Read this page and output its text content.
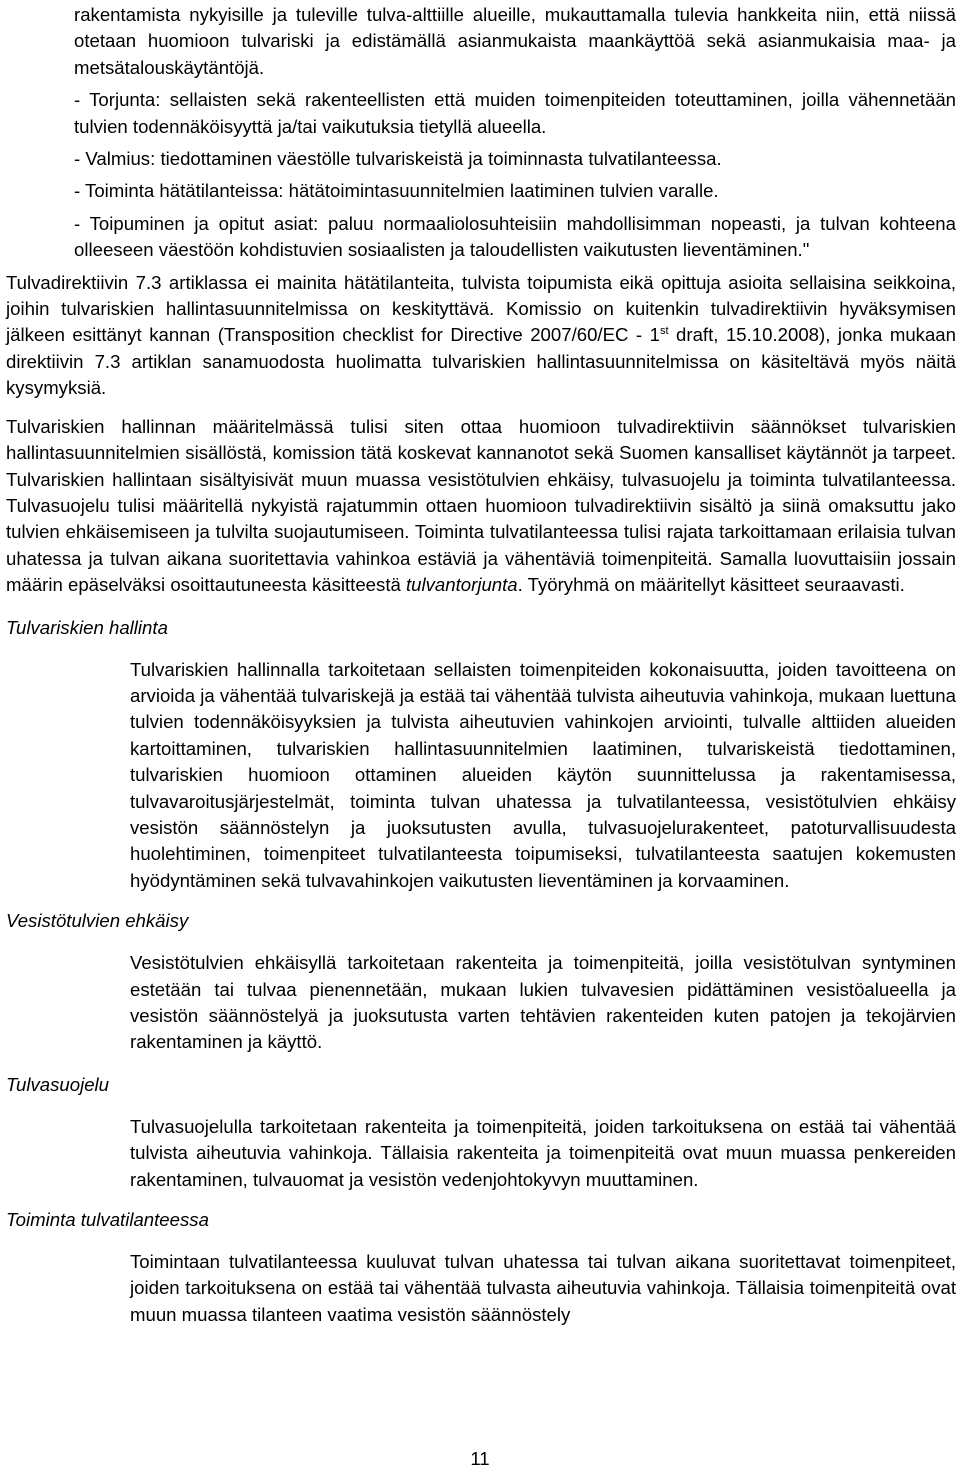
rakentamista nykyisille ja tuleville tulva-alttiille alueille, mukauttamalla tulevia hankkeita niin, että niissä otetaan huomioon tulvariski ja edistämällä asianmukaista maankäyttöä sekä asianmukaisia maa- ja metsätalouskäytäntöjä.

- Torjunta: sellaisten sekä rakenteellisten että muiden toimenpiteiden toteuttaminen, joilla vähennetään tulvien todennäköisyyttä ja/tai vaikutuksia tietyllä alueella.

- Valmius: tiedottaminen väestölle tulvariskeistä ja toiminnasta tulvatilanteessa.

- Toiminta hätätilanteissa: hätätoimintasuunnitelmien laatiminen tulvien varalle.

- Toipuminen ja opitut asiat: paluu normaaliolosuhteisiin mahdollisimman nopeasti, ja tulvan kohteena olleeseen väestöön kohdistuvien sosiaalisten ja taloudellisten vaikutusten lieventäminen."

Tulvadirektiivin 7.3 artiklassa ei mainita hätätilanteita, tulvista toipumista eikä opittuja asioita sellaisina seikkoina, joihin tulvariskien hallintasuunnitelmissa on keskityttävä. Komissio on kuitenkin tulvadirektiivin hyväksymisen jälkeen esittänyt kannan (Transposition checklist for Directive 2007/60/EC - 1st draft, 15.10.2008), jonka mukaan direktiivin 7.3 artiklan sanamuodosta huolimatta tulvariskien hallintasuunnitelmissa on käsiteltävä myös näitä kysymyksiä.

Tulvariskien hallinnan määritelmässä tulisi siten ottaa huomioon tulvadirektiivin säännökset tulvariskien hallintasuunnitelmien sisällöstä, komission tätä koskevat kannanotot sekä Suomen kansalliset käytännöt ja tarpeet. Tulvariskien hallintaan sisältyisivät muun muassa vesistötulvien ehkäisy, tulvasuojelu ja toiminta tulvatilanteessa. Tulvasuojelu tulisi määritellä nykyistä rajatummin ottaen huomioon tulvadirektiivin sisältö ja siinä omaksuttu jako tulvien ehkäisemiseen ja tulvilta suojautumiseen. Toiminta tulvatilanteessa tulisi rajata tarkoittamaan erilaisia tulvan uhatessa ja tulvan aikana suoritettavia vahinkoa estäviä ja vähentäviä toimenpiteitä. Samalla luovuttaisiin jossain määrin epäselväksi osoittautuneesta käsitteestä tulvantorjunta. Työryhmä on määritellyt käsitteet seuraavasti.

Tulvariskien hallinta

Tulvariskien hallinnalla tarkoitetaan sellaisten toimenpiteiden kokonaisuutta, joiden tavoitteena on arvioida ja vähentää tulvariskejä ja estää tai vähentää tulvista aiheutuvia vahinkoja, mukaan luettuna tulvien todennäköisyyksien ja tulvista aiheutuvien vahinkojen arviointi, tulvalle alttiiden alueiden kartoittaminen, tulvariskien hallintasuunnitelmien laatiminen, tulvariskeistä tiedottaminen, tulvariskien huomioon ottaminen alueiden käytön suunnittelussa ja rakentamisessa, tulvavaroitusjärjestelmät, toiminta tulvan uhatessa ja tulvatilanteessa, vesistötulvien ehkäisy vesistön säännöstelyn ja juoksutusten avulla, tulvasuojelurakenteet, patoturvallisuudesta huolehtiminen, toimenpiteet tulvatilanteesta toipumiseksi, tulvatilanteesta saatujen kokemusten hyödyntäminen sekä tulvavahinkojen vaikutusten lieventäminen ja korvaaminen.

Vesistötulvien ehkäisy

Vesistötulvien ehkäisyllä tarkoitetaan rakenteita ja toimenpiteitä, joilla vesistötulvan syntyminen estetään tai tulvaa pienennetään, mukaan lukien tulvavesien pidättäminen vesistöalueella ja vesistön säännöstelyä ja juoksutusta varten tehtävien rakenteiden kuten patojen ja tekojärvien rakentaminen ja käyttö.

Tulvasuojelu

Tulvasuojelulla tarkoitetaan rakenteita ja toimenpiteitä, joiden tarkoituksena on estää tai vähentää tulvista aiheutuvia vahinkoja. Tällaisia rakenteita ja toimenpiteitä ovat muun muassa penkereiden rakentaminen, tulvauomat ja vesistön vedenjohtokyvyn muuttaminen.

Toiminta tulvatilanteessa

Toimintaan tulvatilanteessa kuuluvat tulvan uhatessa tai tulvan aikana suoritettavat toimenpiteet, joiden tarkoituksena on estää tai vähentää tulvasta aiheutuvia vahinkoja. Tällaisia toimenpiteitä ovat muun muassa tilanteen vaatima vesistön säännöstely

11
